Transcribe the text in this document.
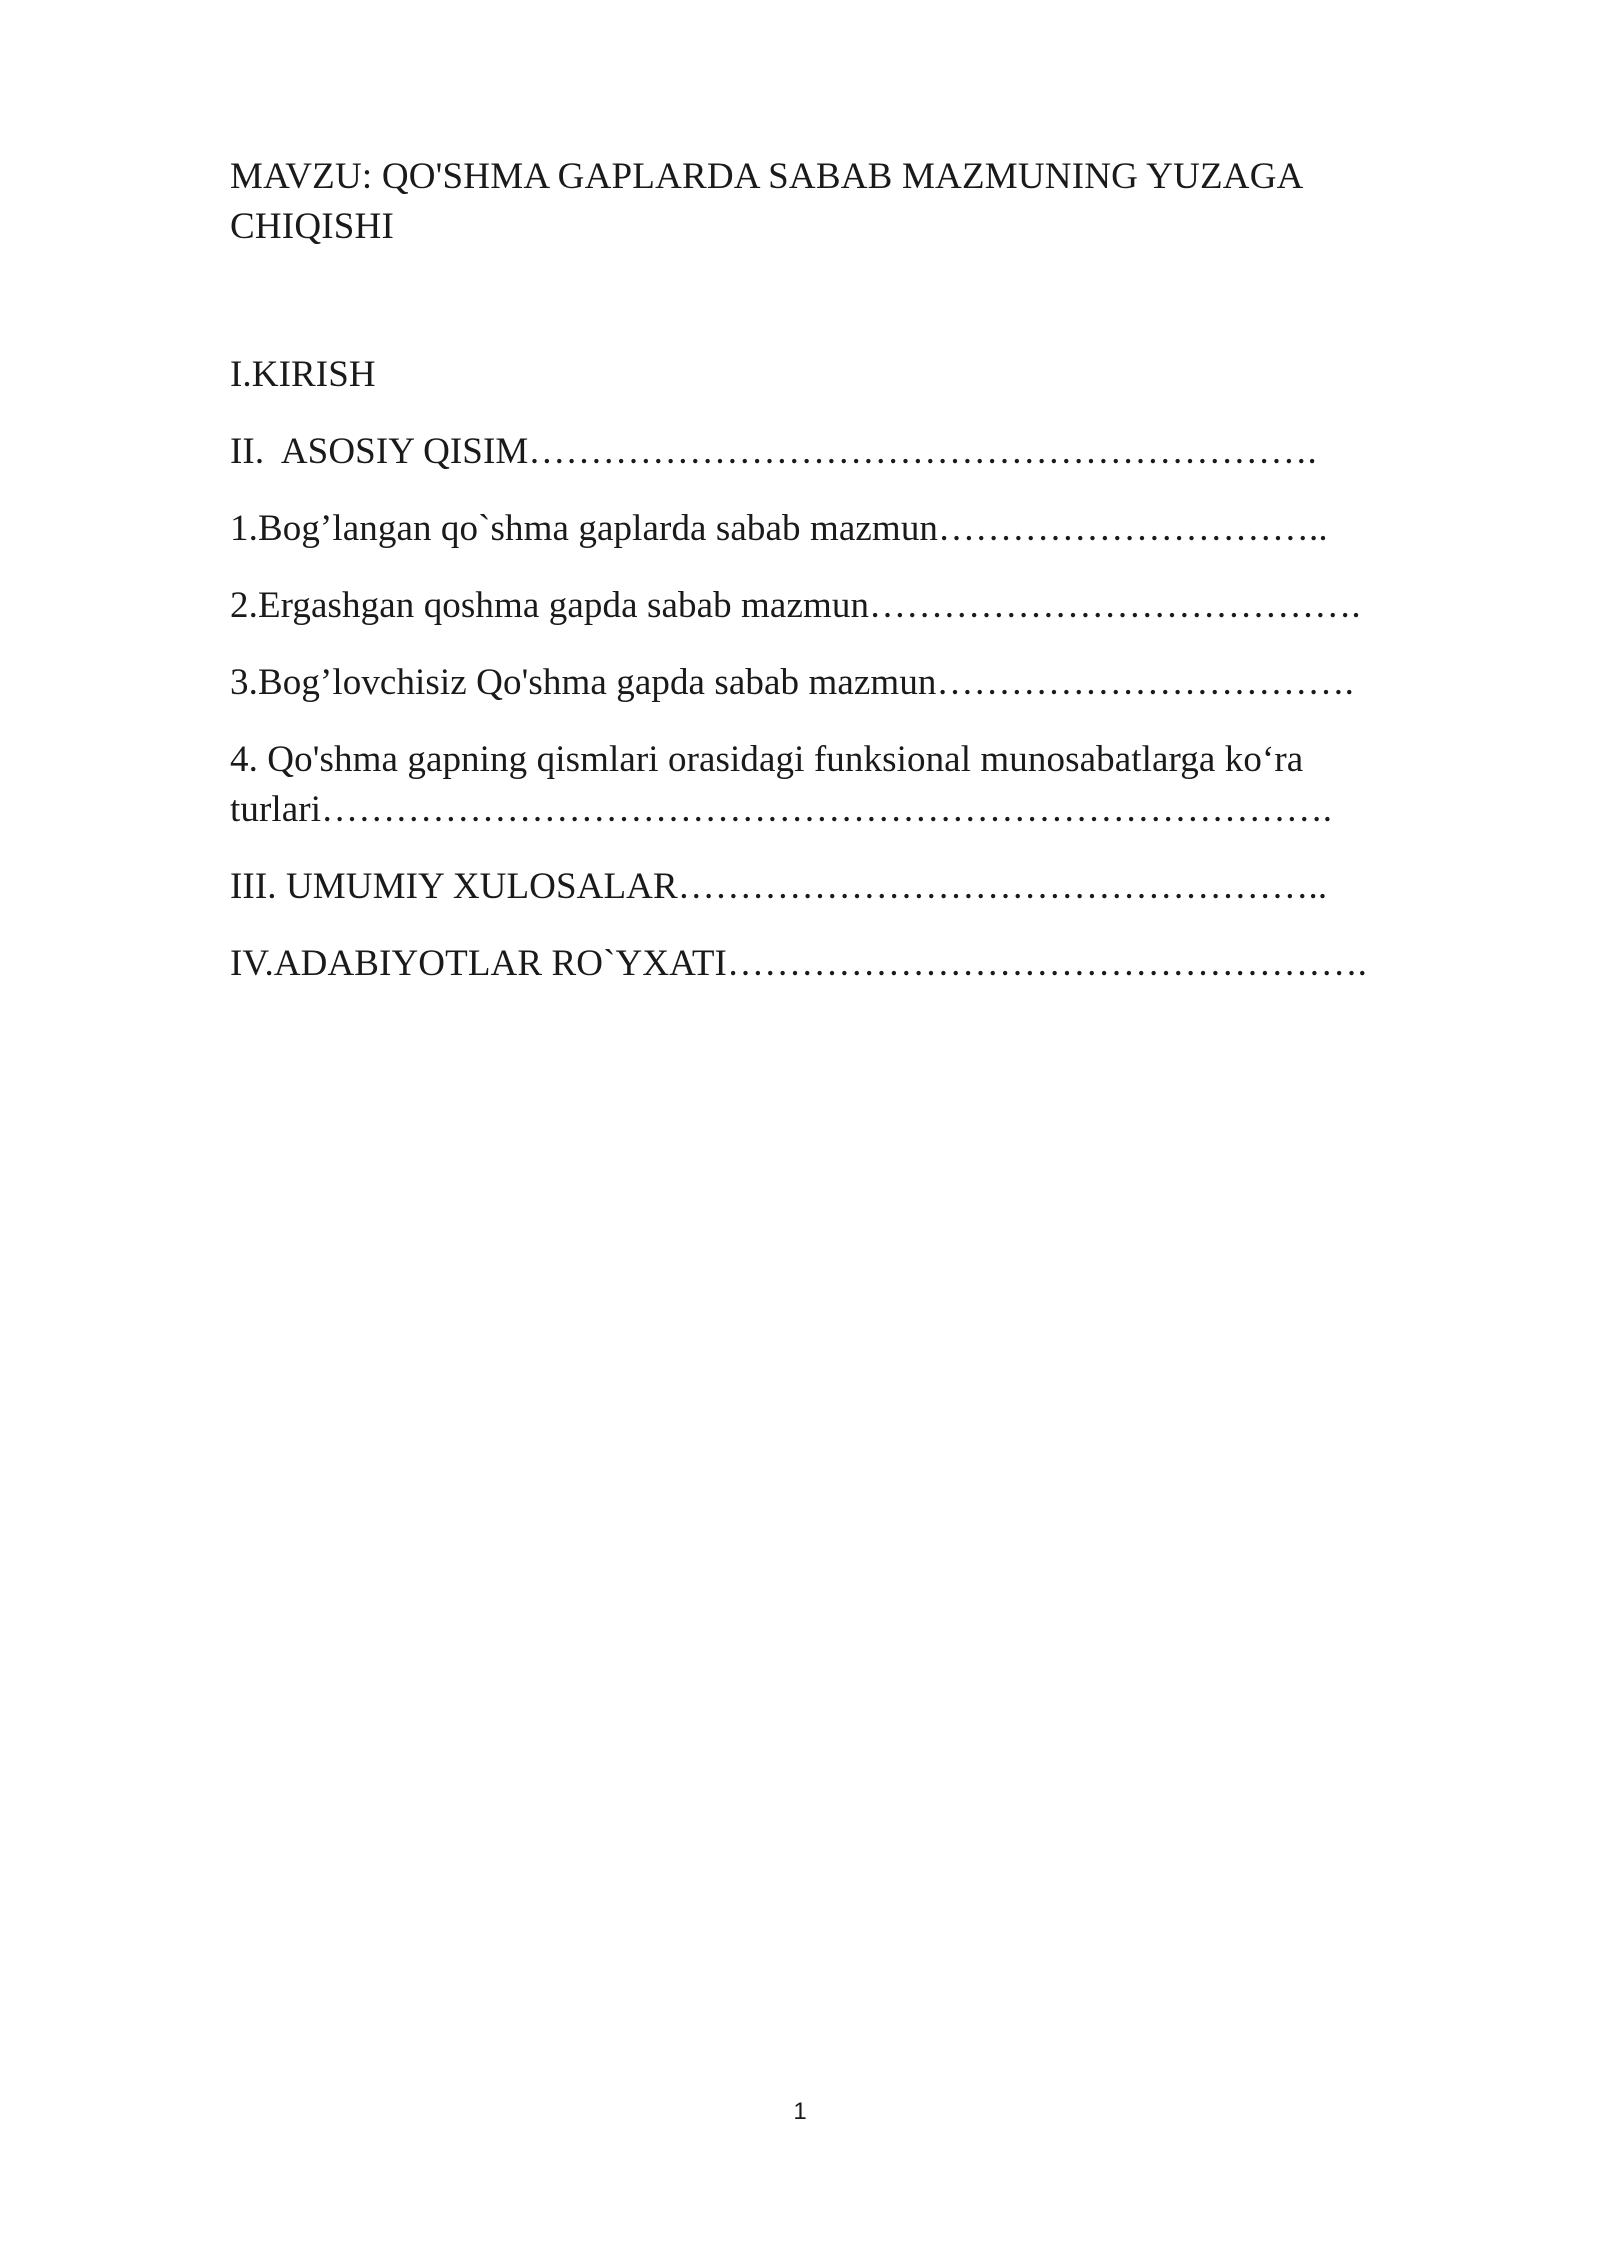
MAVZU: QO'SHMA GAPLARDA SABAB MAZMUNING YUZAGA CHIQISHI
I.KIRISH
II.  ASOSIY QISIM……………………………………………………….
1.Bog’langan qo`shma gaplarda sabab mazmun…………………………..
2.Ergashgan qoshma gapda sabab mazmun………………………………….
3.Bog’lovchisiz Qo'shma gapda sabab mazmun…………………………….
4. Qo'shma gapning qismlari orasidagi funksional munosabatlarga ko‘ra turlari……………………………………………………………………….
III. UMUMIY XULOSALAR……………………………………………..
IV.ADABIYOTLAR RO`YXATI…………………………………………….
1
